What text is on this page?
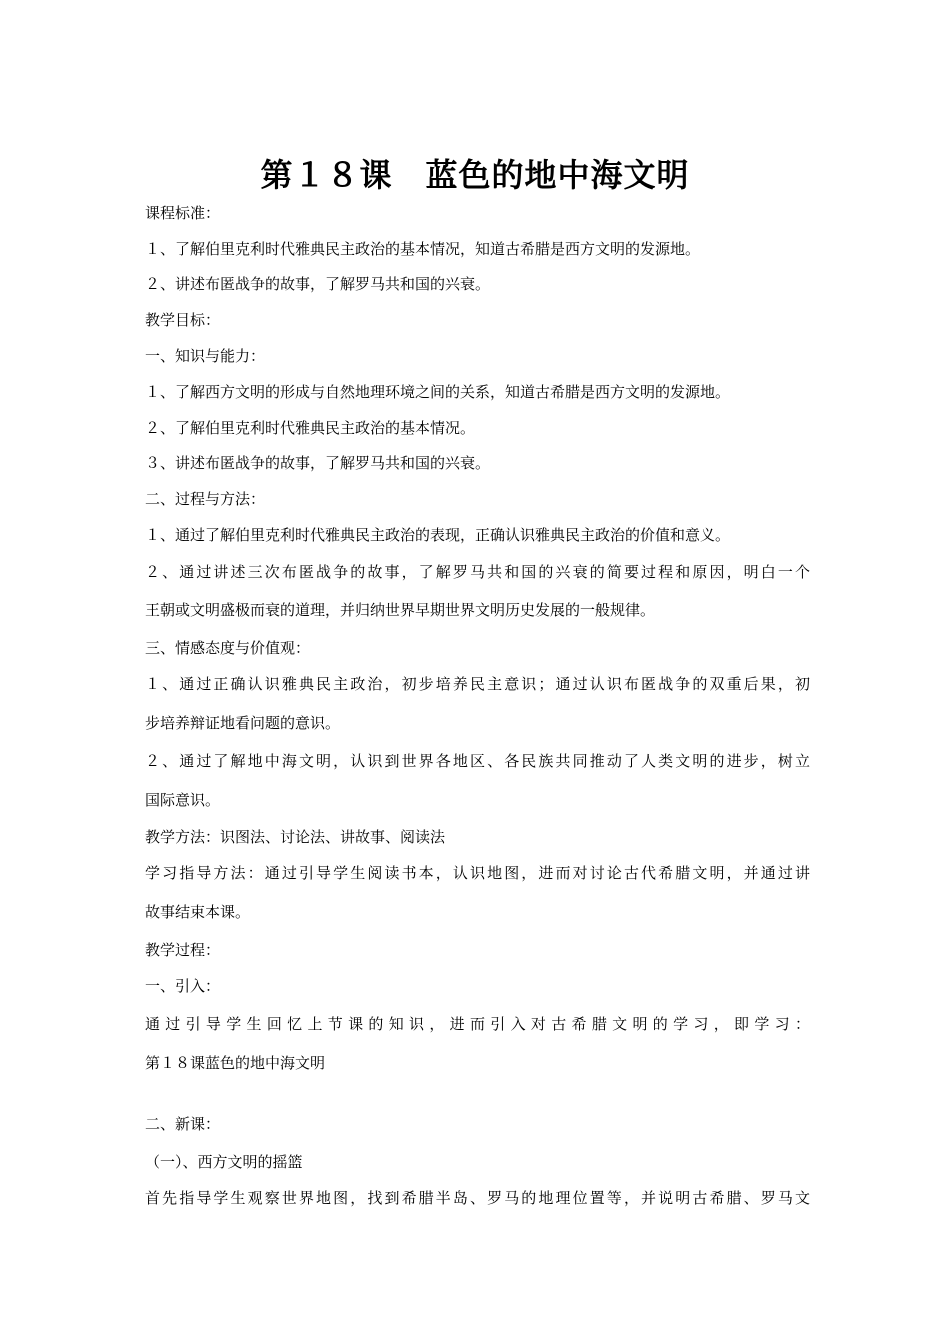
第１８课　蓝色的地中海文明
课程标准：
１、了解伯里克利时代雅典民主政治的基本情况，知道古希腊是西方文明的发源地。
２、讲述布匿战争的故事，了解罗马共和国的兴衰。
教学目标：
一、知识与能力：
１、了解西方文明的形成与自然地理环境之间的关系，知道古希腊是西方文明的发源地。
２、了解伯里克利时代雅典民主政治的基本情况。
３、讲述布匿战争的故事，了解罗马共和国的兴衰。
二、过程与方法：
１、通过了解伯里克利时代雅典民主政治的表现，正确认识雅典民主政治的价值和意义。
２、通过讲述三次布匿战争的故事，了解罗马共和国的兴衰的简要过程和原因，明白一个
王朝或文明盛极而衰的道理，并归纳世界早期世界文明历史发展的一般规律。
三、情感态度与价值观：
１、通过正确认识雅典民主政治，初步培养民主意识；通过认识布匿战争的双重后果，初
步培养辩证地看问题的意识。
２、通过了解地中海文明，认识到世界各地区、各民族共同推动了人类文明的进步，树立
国际意识。
教学方法：识图法、讨论法、讲故事、阅读法
学习指导方法：通过引导学生阅读书本，认识地图，进而对讨论古代希腊文明，并通过讲
故事结束本课。
教学过程：
一、引入：
通过引导学生回忆上节课的知识，进而引入对古希腊文明的学习，即学习：
第１８课蓝色的地中海文明
二、新课：
（一）、西方文明的摇篮
首先指导学生观察世界地图，找到希腊半岛、罗马的地理位置等，并说明古希腊、罗马文
